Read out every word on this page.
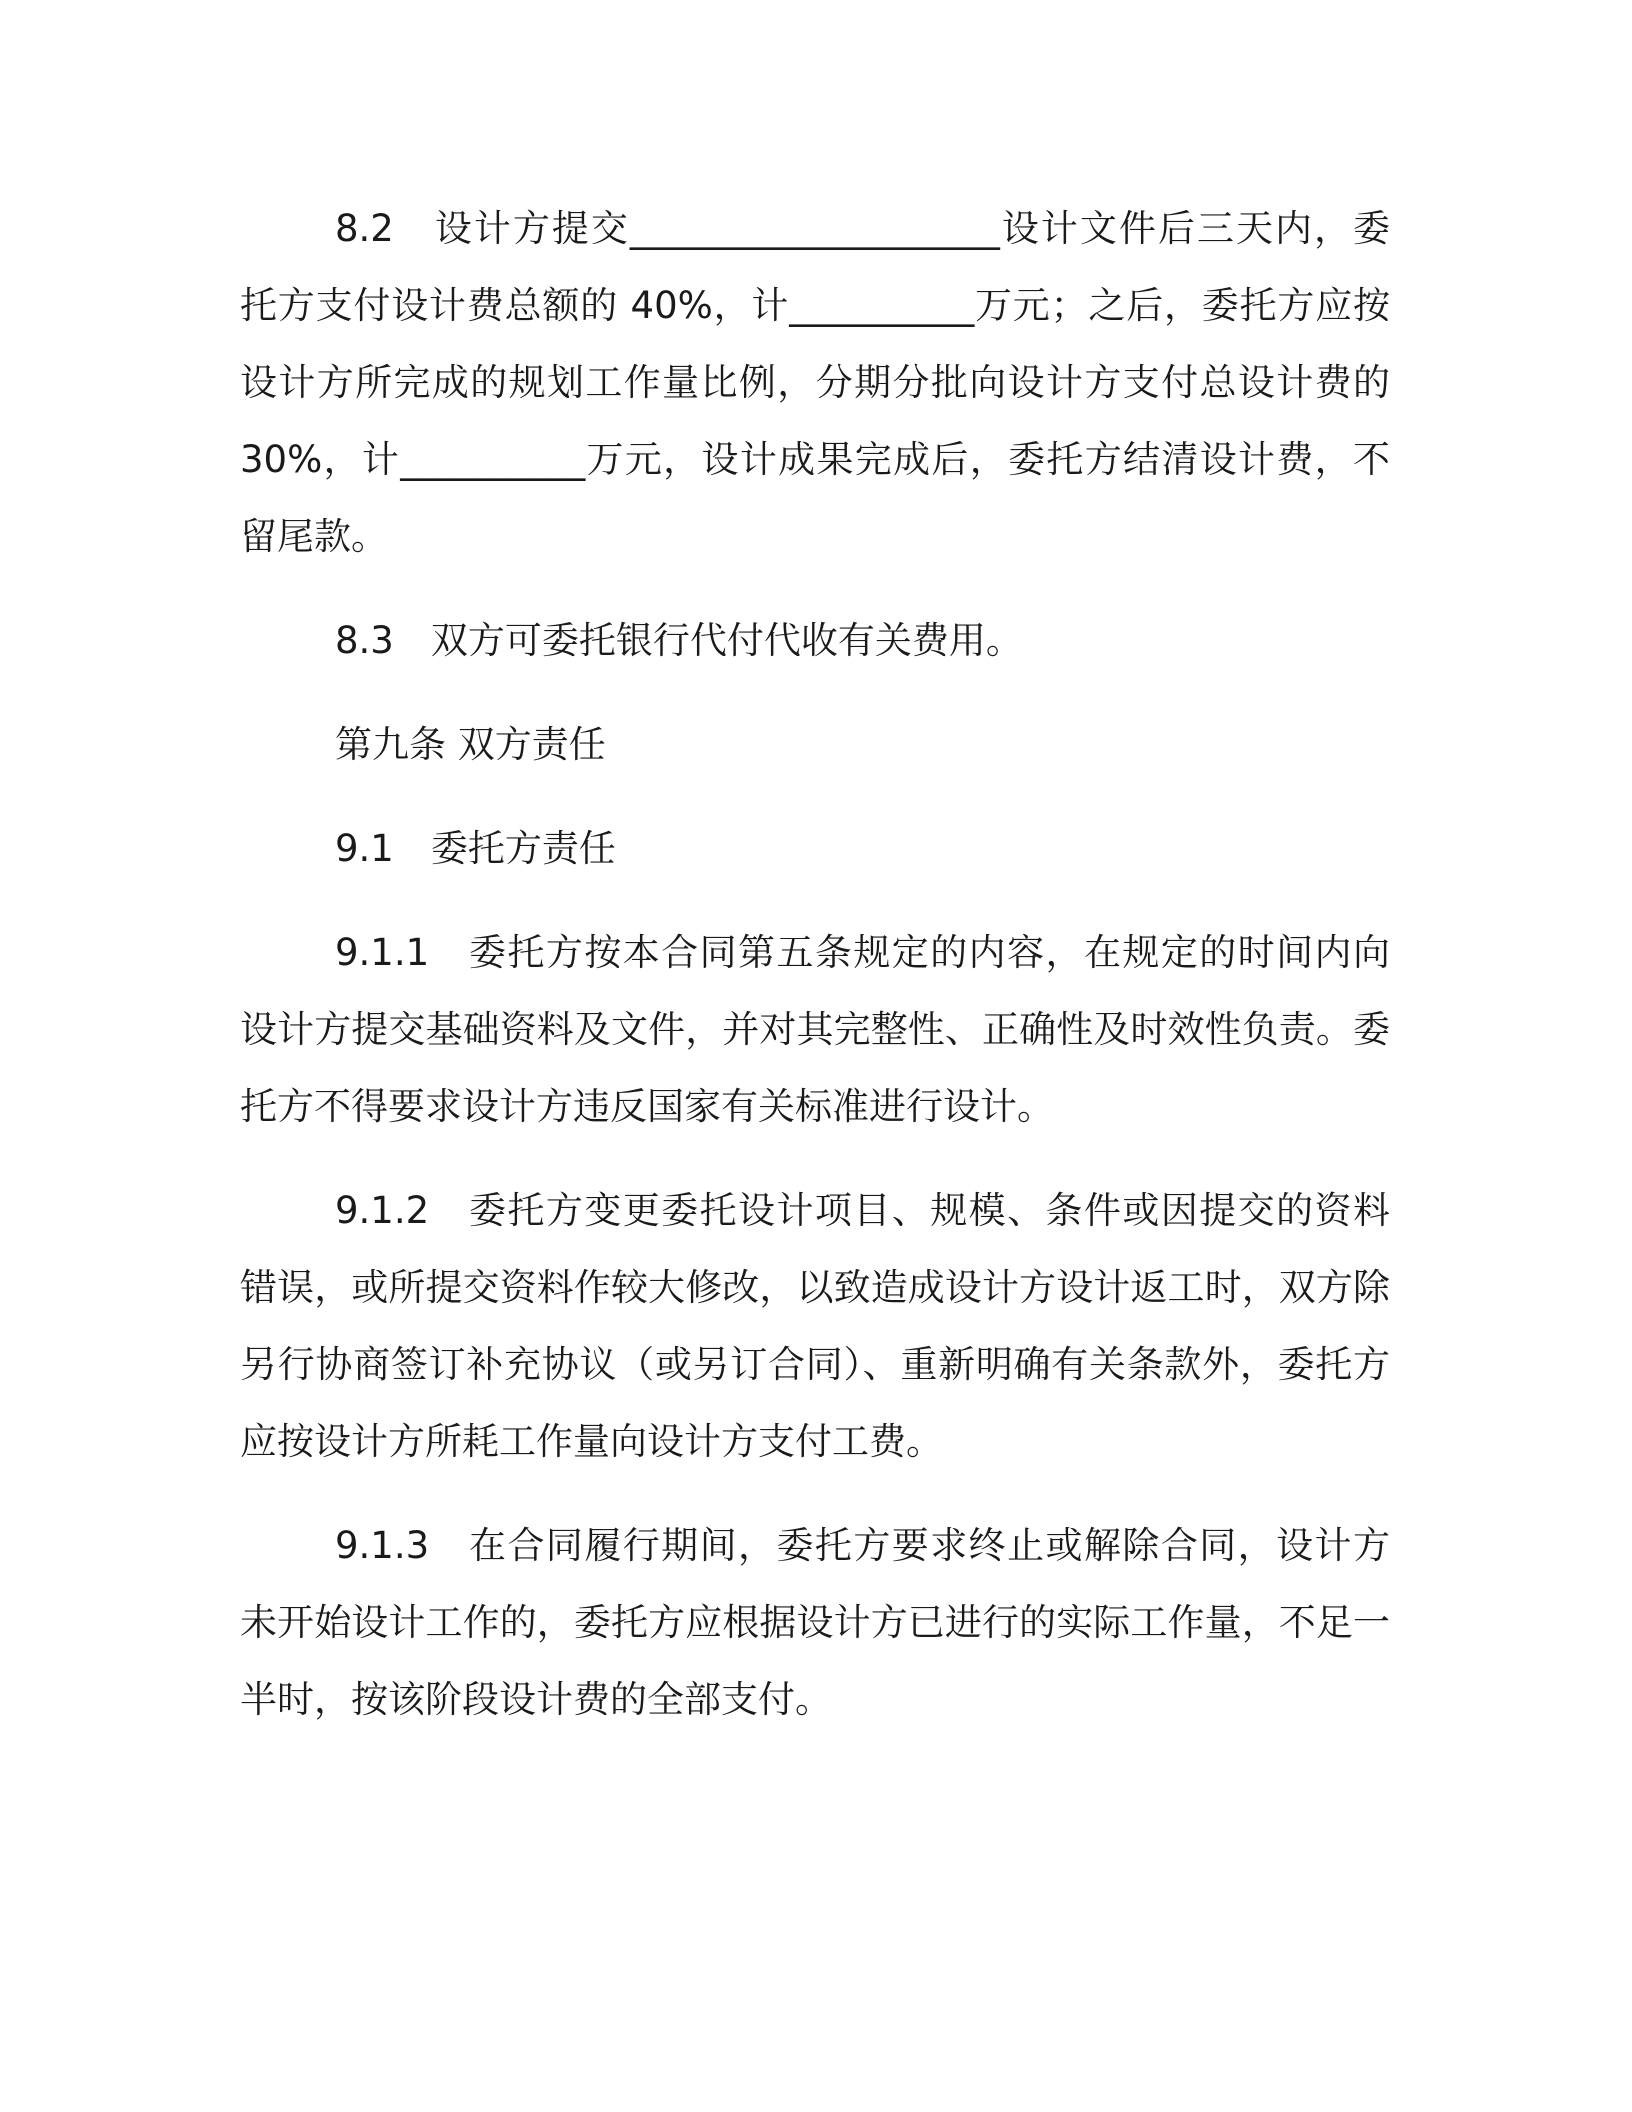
8.2　设计方提交____________________设计文件后三天内，委托方支付设计费总额的 40%，计__________万元；之后，委托方应按设计方所完成的规划工作量比例，分期分批向设计方支付总设计费的30%，计__________万元，设计成果完成后，委托方结清设计费，不留尾款。

8.3　双方可委托银行代付代收有关费用。

第九条 双方责任

9.1　委托方责任

9.1.1　委托方按本合同第五条规定的内容，在规定的时间内向设计方提交基础资料及文件，并对其完整性、正确性及时效性负责。委托方不得要求设计方违反国家有关标准进行设计。

9.1.2　委托方变更委托设计项目、规模、条件或因提交的资料错误，或所提交资料作较大修改，以致造成设计方设计返工时，双方除另行协商签订补充协议（或另订合同）、重新明确有关条款外，委托方应按设计方所耗工作量向设计方支付工费。

9.1.3　在合同履行期间，委托方要求终止或解除合同，设计方未开始设计工作的，委托方应根据设计方已进行的实际工作量，不足一半时，按该阶段设计费的全部支付。
